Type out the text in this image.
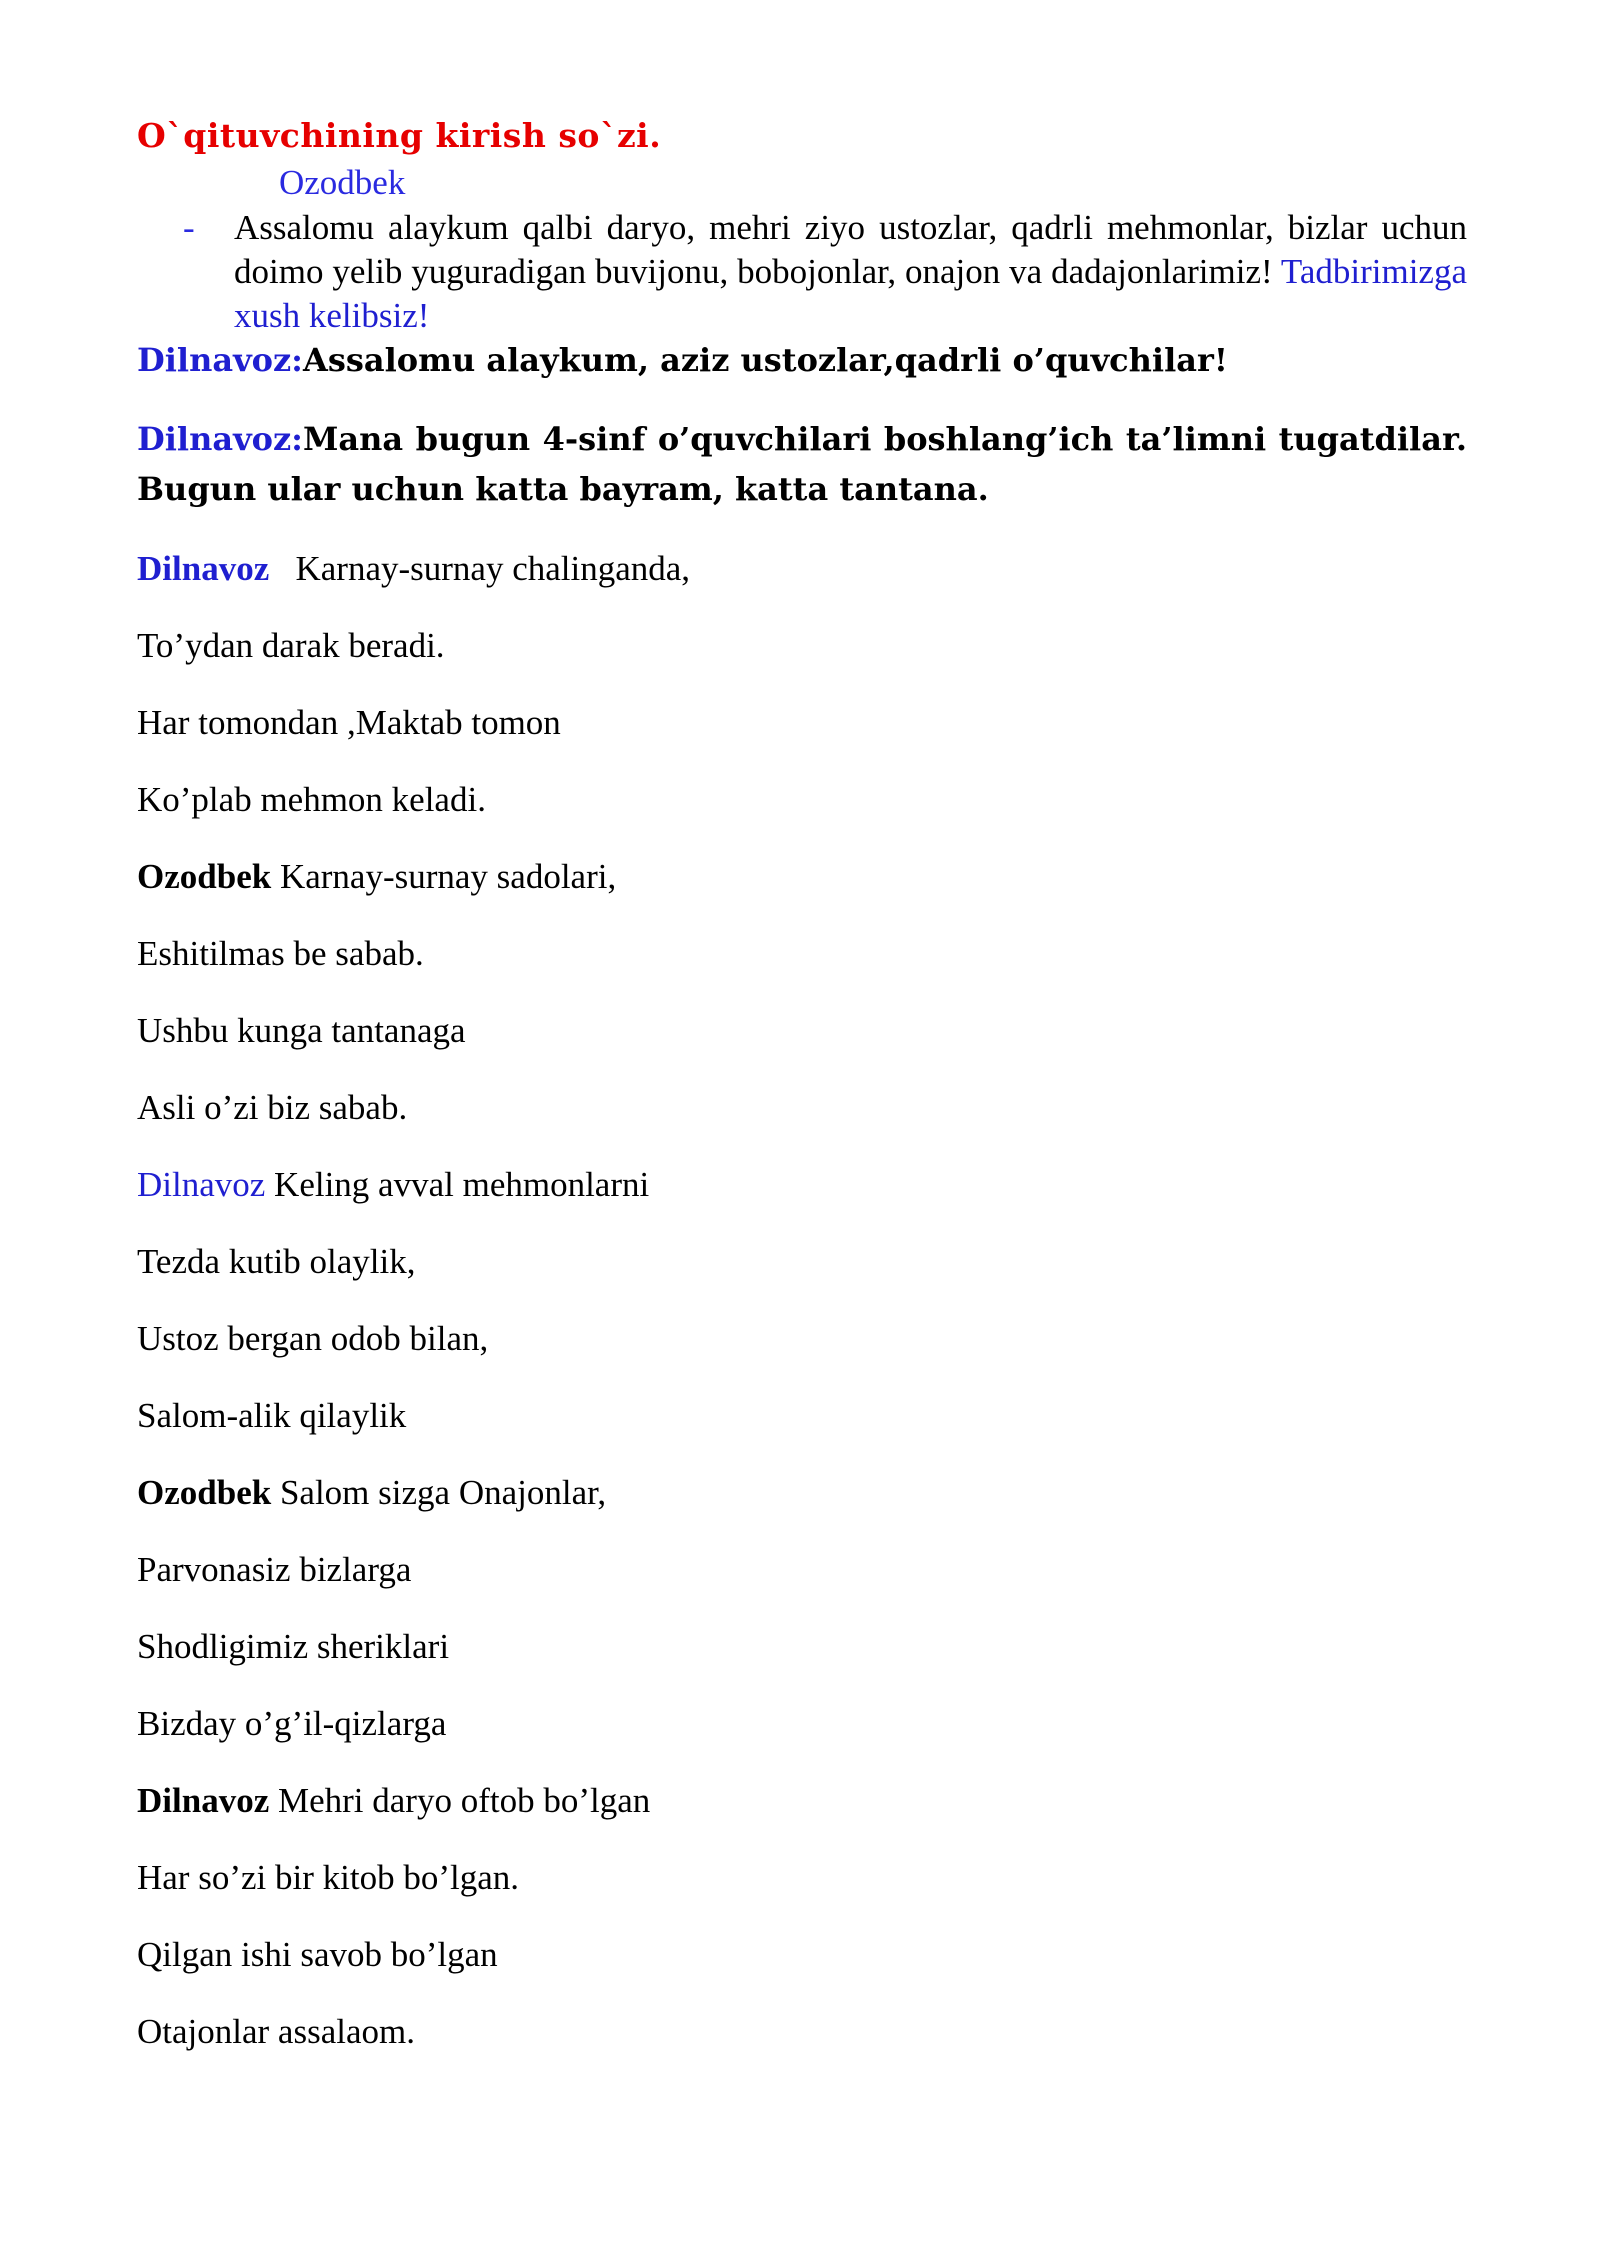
O`qituvchining kirish so`zi.

Ozodbek

- Assalomu alaykum qalbi daryo, mehri ziyo ustozlar, qadrli mehmonlar, bizlar uchun doimo yelib yuguradigan buvijonu, bobojonlar, onajon va dadajonlarimiz! Tadbirimizga xush kelibsiz!

Dilnavoz:Assalomu alaykum, aziz ustozlar,qadrli o’quvchilar!

Dilnavoz:Mana bugun 4-sinf o’quvchilari boshlang’ich ta’limni tugatdilar. Bugun ular uchun katta bayram, katta tantana.

Dilnavoz   Karnay-surnay chalinganda,

To’ydan darak beradi.

Har tomondan ,Maktab tomon

Ko’plab mehmon keladi.

Ozodbek Karnay-surnay sadolari,

Eshitilmas be sabab.

Ushbu kunga tantanaga

Asli o’zi biz sabab.

Dilnavoz Keling avval mehmonlarni

Tezda kutib olaylik,

Ustoz bergan odob bilan,

Salom-alik qilaylik

Ozodbek Salom sizga Onajonlar,

Parvonasiz bizlarga

Shodligimiz sheriklari

Bizday o’g’il-qizlarga

Dilnavoz Mehri daryo oftob bo’lgan

Har so’zi bir kitob bo’lgan.

Qilgan ishi savob bo’lgan

Otajonlar assalaom.
